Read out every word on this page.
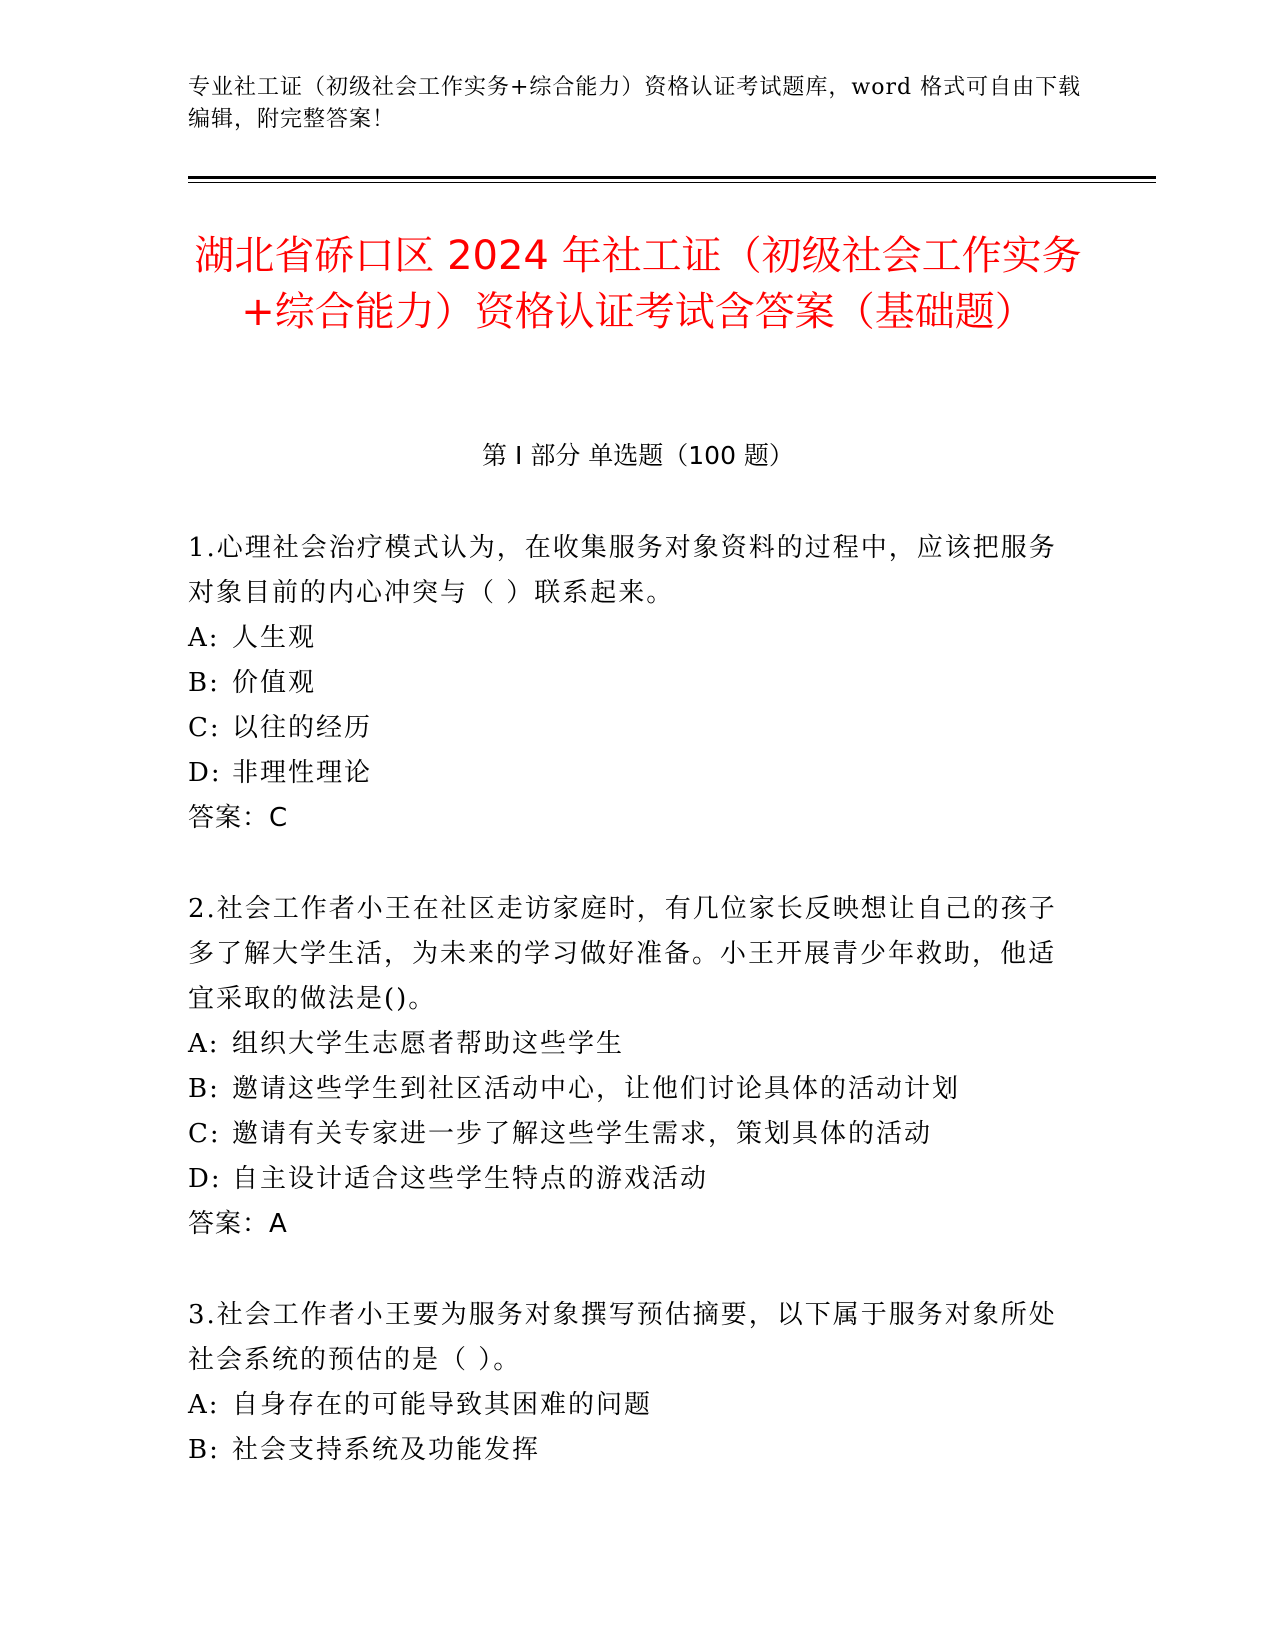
专业社工证（初级社会工作实务+综合能力）资格认证考试题库，word 格式可自由下载编辑，附完整答案！
湖北省硚口区 2024 年社工证（初级社会工作实务+综合能力）资格认证考试含答案（基础题）
第 I 部分 单选题（100 题）
1.心理社会治疗模式认为，在收集服务对象资料的过程中，应该把服务对象目前的内心冲突与（ ）联系起来。
A: 人生观
B: 价值观
C: 以往的经历
D: 非理性理论
答案：C
2.社会工作者小王在社区走访家庭时，有几位家长反映想让自己的孩子多了解大学生活，为未来的学习做好准备。小王开展青少年救助，他适宜采取的做法是()。
A: 组织大学生志愿者帮助这些学生
B: 邀请这些学生到社区活动中心，让他们讨论具体的活动计划
C: 邀请有关专家进一步了解这些学生需求，策划具体的活动
D: 自主设计适合这些学生特点的游戏活动
答案：A
3.社会工作者小王要为服务对象撰写预估摘要，以下属于服务对象所处社会系统的预估的是（ ）。
A: 自身存在的可能导致其困难的问题
B: 社会支持系统及功能发挥
